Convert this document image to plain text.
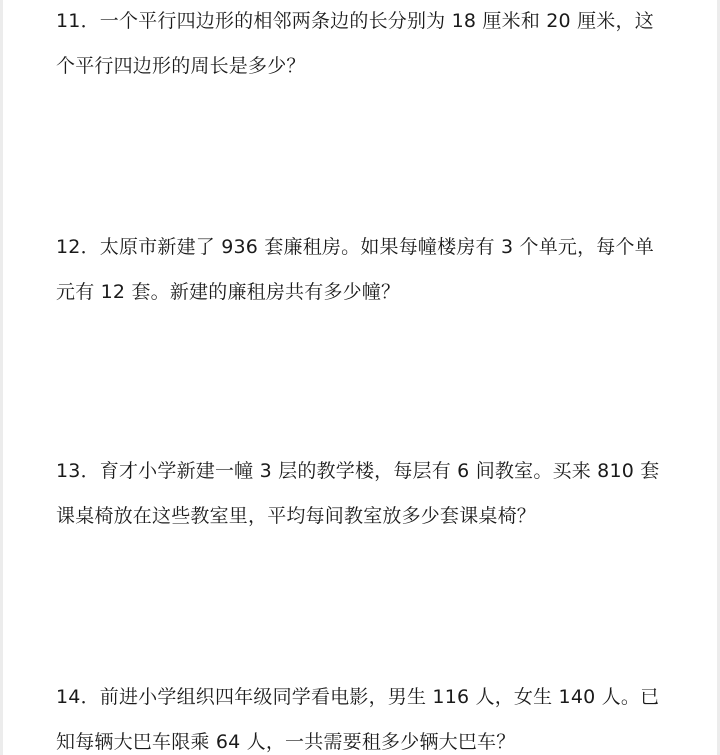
11．一个平行四边形的相邻两条边的长分别为 18 厘米和 20 厘米，这
个平行四边形的周长是多少？
12．太原市新建了 936 套廉租房。如果每幢楼房有 3 个单元，每个单
元有 12 套。新建的廉租房共有多少幢？
13．育才小学新建一幢 3 层的教学楼，每层有 6 间教室。买来 810 套
课桌椅放在这些教室里，平均每间教室放多少套课桌椅？
14．前进小学组织四年级同学看电影，男生 116 人，女生 140 人。已
知每辆大巴车限乘 64 人，一共需要租多少辆大巴车？
